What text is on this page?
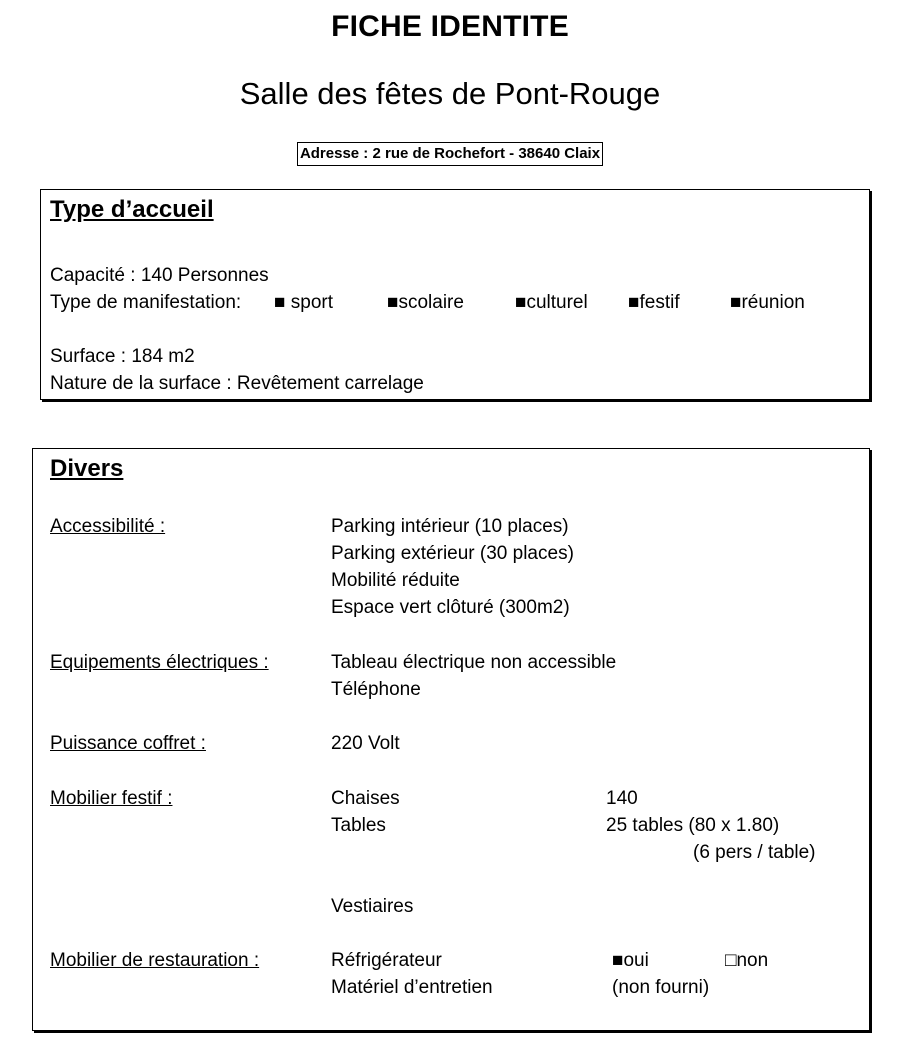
FICHE IDENTITE
Salle des fêtes de Pont-Rouge
Adresse : 2 rue de Rochefort - 38640 Claix
Type d’accueil
Capacité : 140 Personnes
Type de manifestation: ■ sport	■scolaire	■culturel ■festif	■réunion
Surface : 184 m2
Nature de la surface : Revêtement carrelage
Divers
Accessibilité :	Parking intérieur (10 places)
Parking extérieur (30 places)
Mobilité réduite
Espace vert clôturé (300m2)
Equipements électriques :	Tableau électrique non accessible
Téléphone
Puissance coffret :	220 Volt
Mobilier festif :	Chaises	140
Tables	25 tables (80 x 1.80)
(6 pers / table)
Vestiaires
Mobilier de restauration :	Réfrigérateur	■oui	□non
Matériel d’entretien	(non fourni)
